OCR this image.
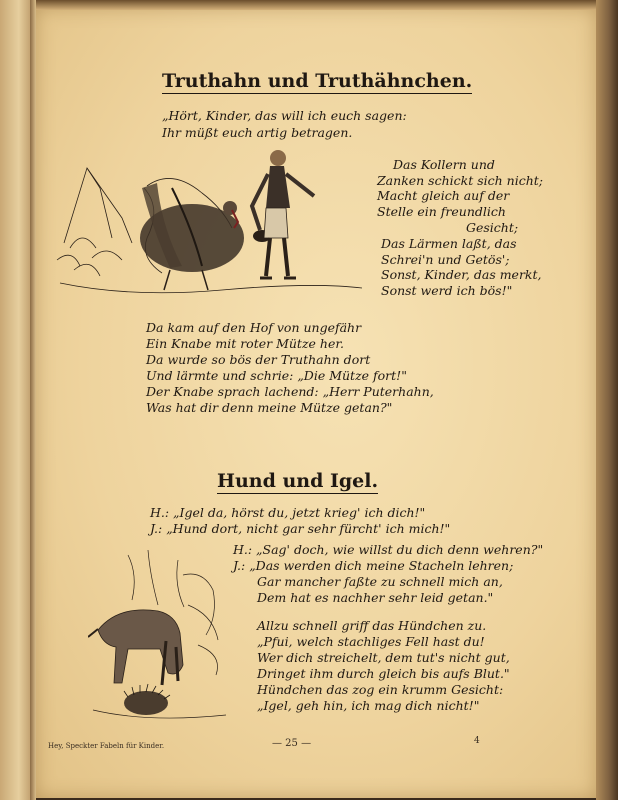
Truthahn und Truthähnchen.
„Hört, Kinder, das will ich euch sagen:
Ihr müßt euch artig betragen.
Das Kollern und
Zanken schickt sich nicht;
Macht gleich auf der
Stelle ein freundlich
Gesicht;
Das Lärmen laßt, das
Schrei'n und Getös';
Sonst, Kinder, das merkt,
Sonst werd ich bös!"
Da kam auf den Hof von ungefähr
Ein Knabe mit roter Mütze her.
Da wurde so bös der Truthahn dort
Und lärmte und schrie: „Die Mütze fort!"
Der Knabe sprach lachend: „Herr Puterhahn,
Was hat dir denn meine Mütze getan?"
Hund und Igel.
H.: „Igel da, hörst du, jetzt krieg' ich dich!"
J.: „Hund dort, nicht gar sehr fürcht' ich mich!"
H.: „Sag' doch, wie willst du dich denn wehren?"
J.: „Das werden dich meine Stacheln lehren;
Gar mancher faßte zu schnell mich an,
Dem hat es nachher sehr leid getan."
Allzu schnell griff das Hündchen zu.
„Pfui, welch stachliges Fell hast du!
Wer dich streichelt, dem tut's nicht gut,
Dringet ihm durch gleich bis aufs Blut."
Hündchen das zog ein krumm Gesicht:
„Igel, geh hin, ich mag dich nicht!"
Hey, Speckter Fabeln für Kinder.	— 25 —	4
